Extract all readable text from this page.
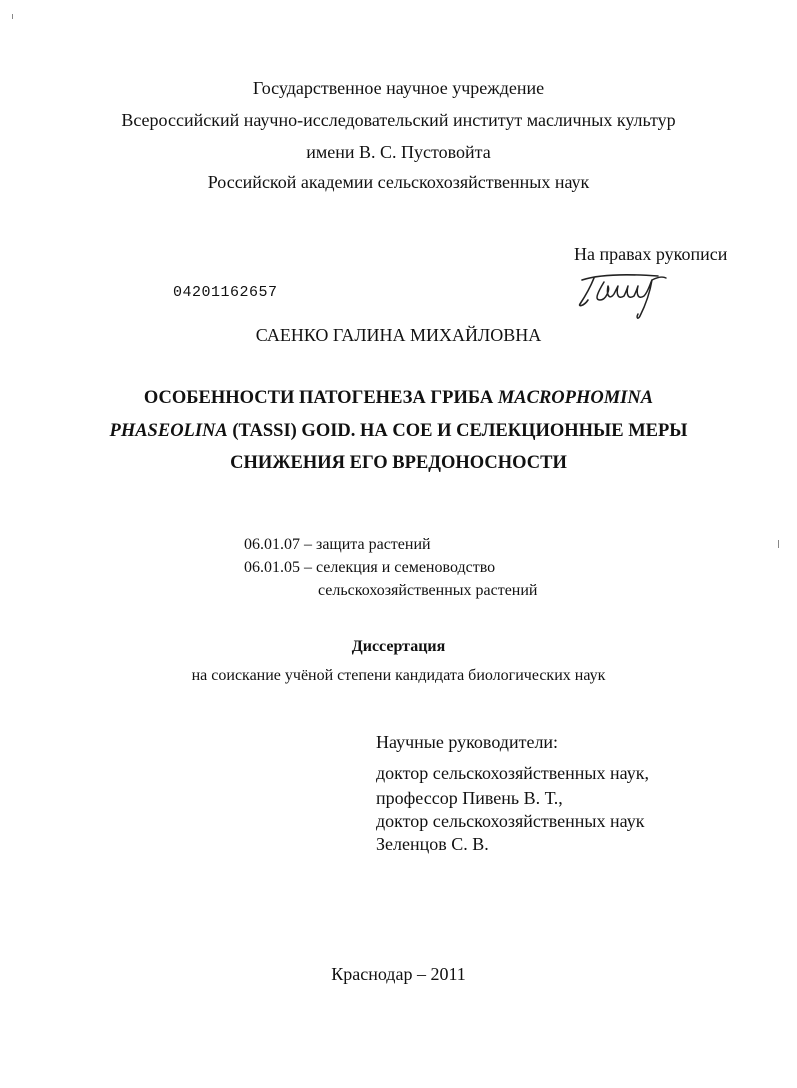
Государственное научное учреждение
Всероссийский научно-исследовательский институт масличных культур
имени В. С. Пустовойта
Российской академии сельскохозяйственных наук
На правах рукописи
04201162657
САЕНКО ГАЛИНА МИХАЙЛОВНА
ОСОБЕННОСТИ ПАТОГЕНЕЗА ГРИБА MACROPHOMINA
PHASEOLINA (TASSI) GOID. НА СОЕ И СЕЛЕКЦИОННЫЕ МЕРЫ
СНИЖЕНИЯ ЕГО ВРЕДОНОСНОСТИ
06.01.07 – защита растений
06.01.05 – селекция и семеноводство
сельскохозяйственных растений
Диссертация
на соискание учёной степени кандидата биологических наук
Научные руководители:
доктор сельскохозяйственных наук,
профессор Пивень В. Т.,
доктор сельскохозяйственных наук
Зеленцов С. В.
Краснодар – 2011
